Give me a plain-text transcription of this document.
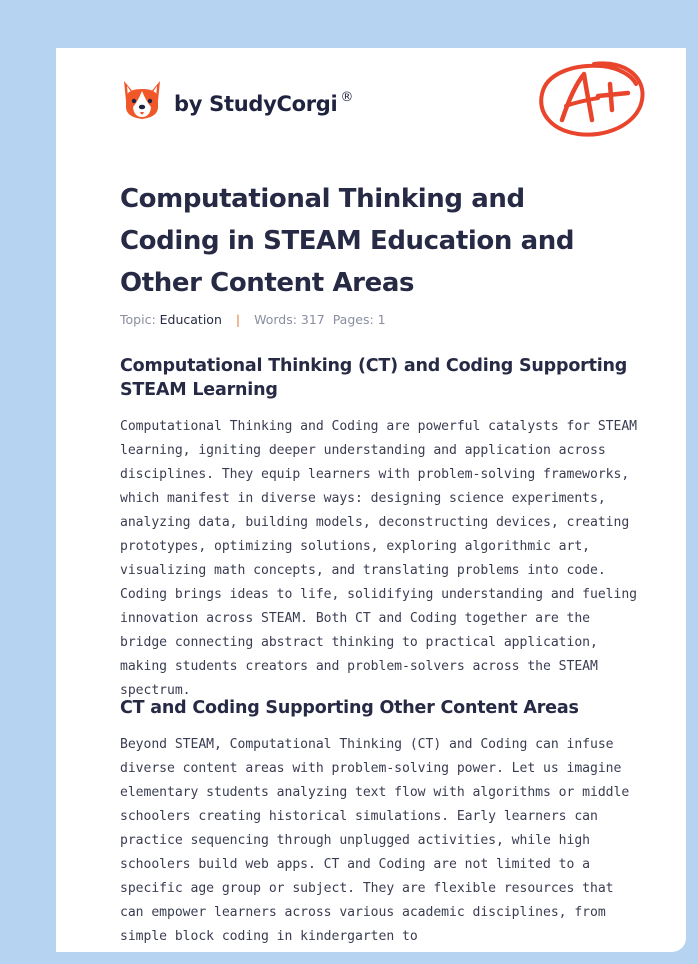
by StudyCorgi ®
Computational Thinking and Coding in STEAM Education and Other Content Areas
Topic: Education | Words: 317 Pages: 1
Computational Thinking (CT) and Coding Supporting STEAM Learning

Computational Thinking and Coding are powerful catalysts for STEAM learning, igniting deeper understanding and application across disciplines. They equip learners with problem-solving frameworks, which manifest in diverse ways: designing science experiments, analyzing data, building models, deconstructing devices, creating prototypes, optimizing solutions, exploring algorithmic art, visualizing math concepts, and translating problems into code. Coding brings ideas to life, solidifying understanding and fueling innovation across STEAM. Both CT and Coding together are the bridge connecting abstract thinking to practical application, making students creators and problem-solvers across the STEAM spectrum.

CT and Coding Supporting Other Content Areas

Beyond STEAM, Computational Thinking (CT) and Coding can infuse diverse content areas with problem-solving power. Let us imagine elementary students analyzing text flow with algorithms or middle schoolers creating historical simulations. Early learners can practice sequencing through unplugged activities, while high schoolers build web apps. CT and Coding are not limited to a specific age group or subject. They are flexible resources that can empower learners across various academic disciplines, from simple block coding in kindergarten to
